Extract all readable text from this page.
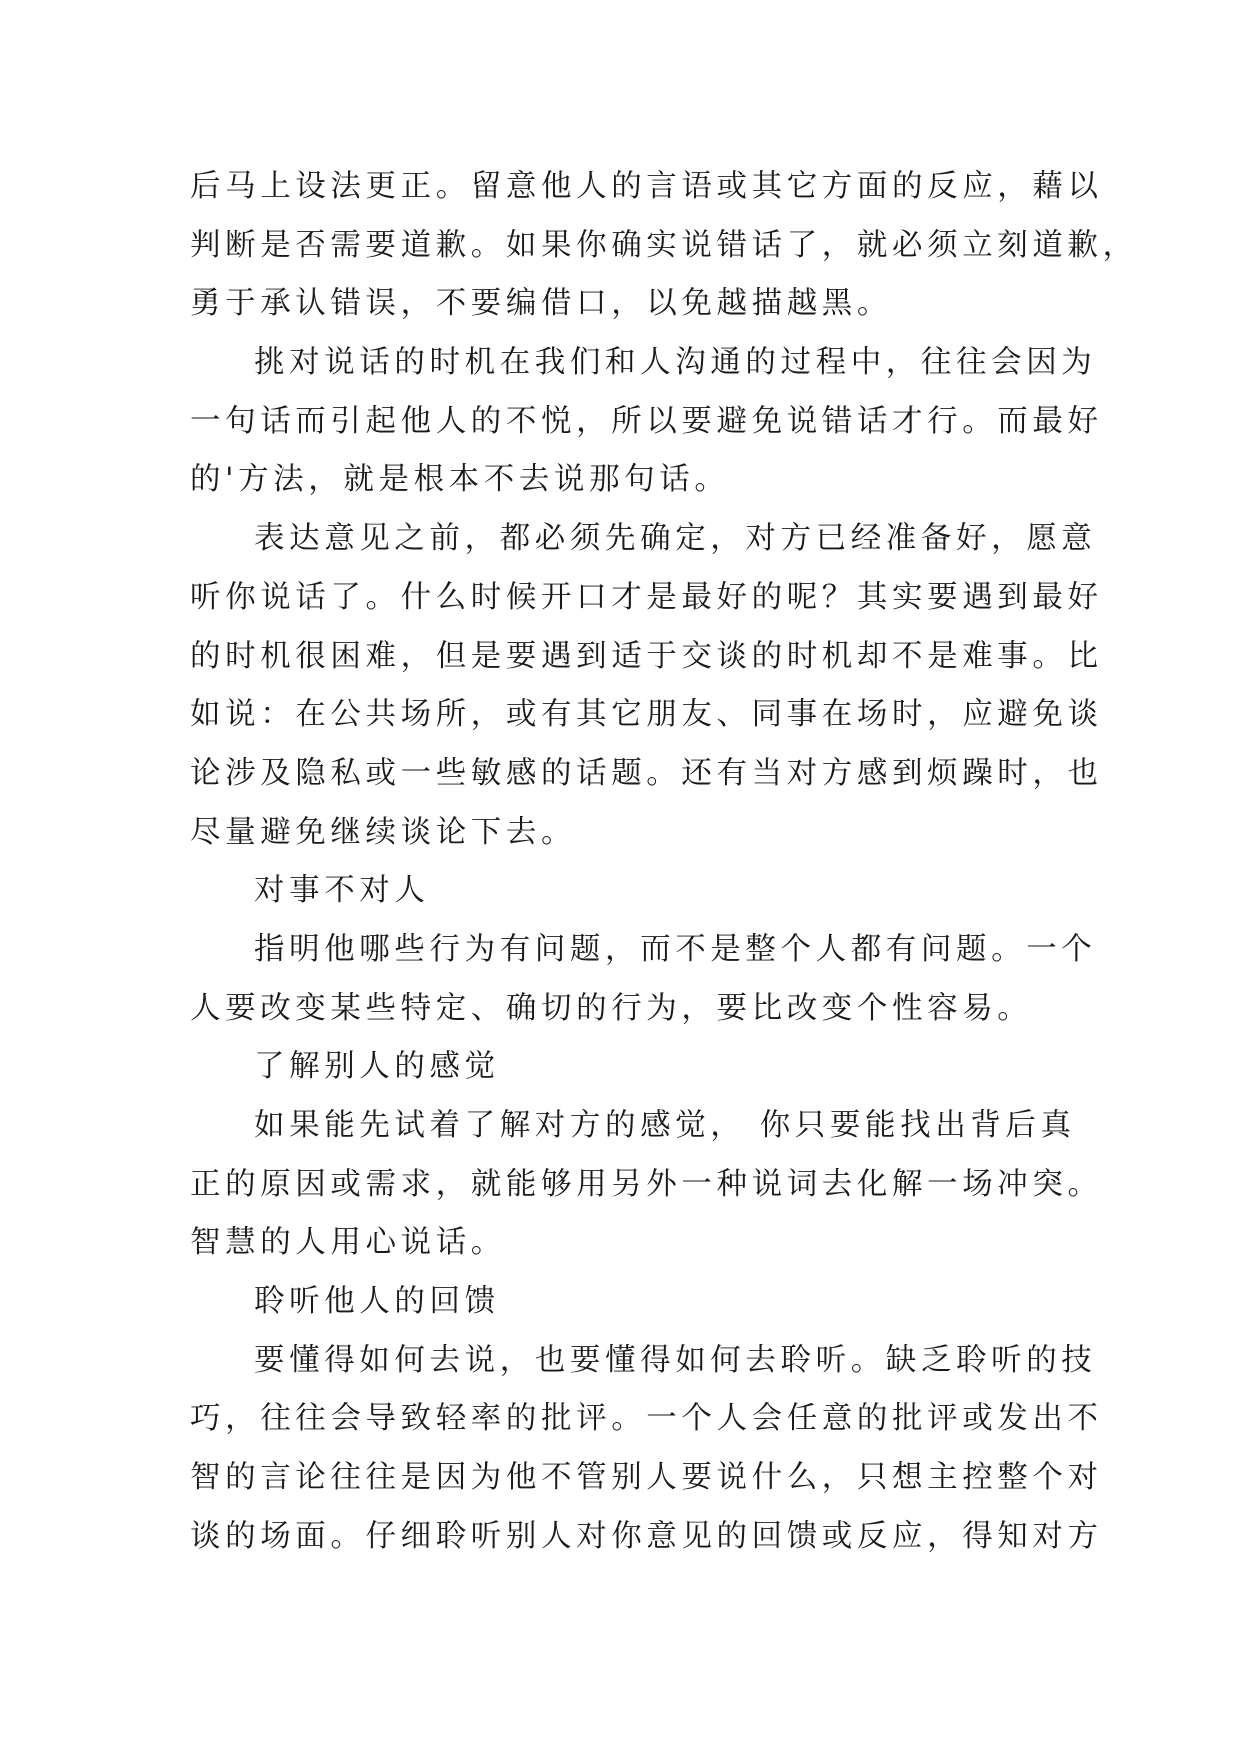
后马上设法更正。留意他人的言语或其它方面的反应，藉以
判断是否需要道歉。如果你确实说错话了，就必须立刻道歉，
勇于承认错误，不要编借口，以免越描越黑。
挑对说话的时机在我们和人沟通的过程中，往往会因为
一句话而引起他人的不悦，所以要避免说错话才行。而最好
的'方法，就是根本不去说那句话。
表达意见之前，都必须先确定，对方已经准备好，愿意
听你说话了。什么时候开口才是最好的呢？其实要遇到最好
的时机很困难，但是要遇到适于交谈的时机却不是难事。比
如说：在公共场所，或有其它朋友、同事在场时，应避免谈
论涉及隐私或一些敏感的话题。还有当对方感到烦躁时，也
尽量避免继续谈论下去。
对事不对人
指明他哪些行为有问题，而不是整个人都有问题。一个
人要改变某些特定、确切的行为，要比改变个性容易。
了解别人的感觉
如果能先试着了解对方的感觉， 你只要能找出背后真
正的原因或需求，就能够用另外一种说词去化解一场冲突。
智慧的人用心说话。
聆听他人的回馈
要懂得如何去说，也要懂得如何去聆听。缺乏聆听的技
巧，往往会导致轻率的批评。一个人会任意的批评或发出不
智的言论往往是因为他不管别人要说什么，只想主控整个对
谈的场面。仔细聆听别人对你意见的回馈或反应，得知对方
